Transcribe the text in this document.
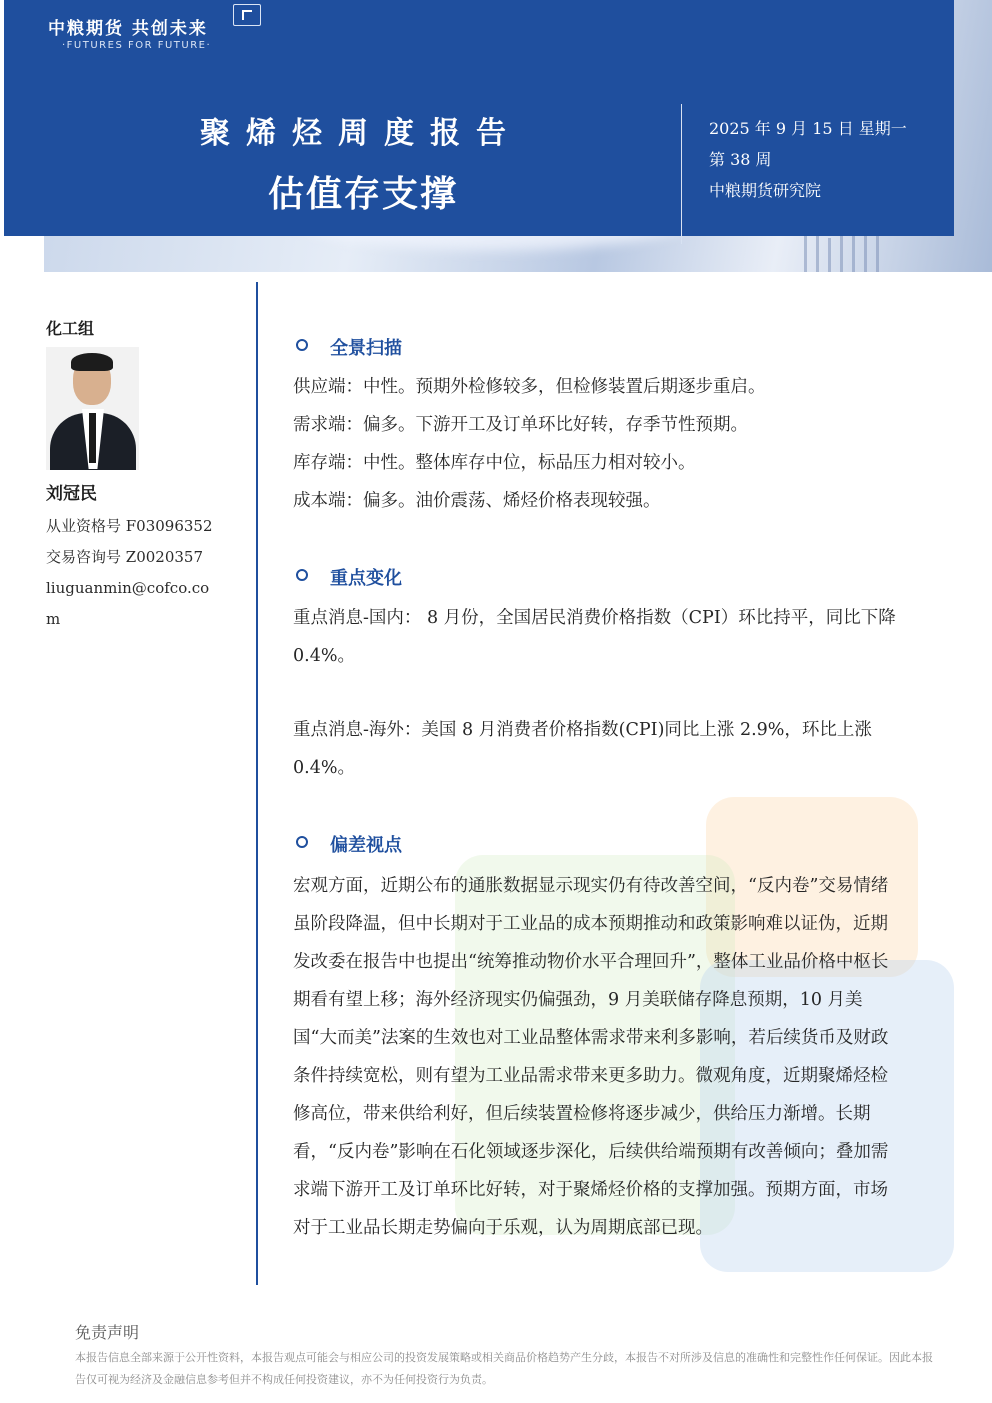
中粮期货 共创未来
·FUTURES FOR FUTURE·
聚烯烃周度报告
估值存支撑
2025 年 9 月 15 日 星期一
第 38 周
中粮期货研究院
化工组
刘冠民
从业资格号 F03096352
交易咨询号 Z0020357
liuguanmin@cofco.co
m
全景扫描
供应端：中性。预期外检修较多，但检修装置后期逐步重启。
需求端：偏多。下游开工及订单环比好转，存季节性预期。
库存端：中性。整体库存中位，标品压力相对较小。
成本端：偏多。油价震荡、烯烃价格表现较强。
重点变化
重点消息-国内： 8 月份，全国居民消费价格指数（CPI）环比持平，同比下降 0.4%。
重点消息-海外：美国 8 月消费者价格指数(CPI)同比上涨 2.9%，环比上涨 0.4%。
偏差视点
宏观方面，近期公布的通胀数据显示现实仍有待改善空间，“反内卷”交易情绪虽阶段降温，但中长期对于工业品的成本预期推动和政策影响难以证伪，近期发改委在报告中也提出“统筹推动物价水平合理回升”，整体工业品价格中枢长期看有望上移；海外经济现实仍偏强劲，9 月美联储存降息预期，10 月美国“大而美”法案的生效也对工业品整体需求带来利多影响，若后续货币及财政条件持续宽松，则有望为工业品需求带来更多助力。微观角度，近期聚烯烃检修高位，带来供给利好，但后续装置检修将逐步减少，供给压力渐增。长期看，“反内卷”影响在石化领域逐步深化，后续供给端预期有改善倾向；叠加需求端下游开工及订单环比好转，对于聚烯烃价格的支撑加强。预期方面，市场对于工业品长期走势偏向于乐观，认为周期底部已现。
免责声明
本报告信息全部来源于公开性资料，本报告观点可能会与相应公司的投资发展策略或相关商品价格趋势产生分歧，本报告不对所涉及信息的准确性和完整性作任何保证。因此本报告仅可视为经济及金融信息参考但并不构成任何投资建议，亦不为任何投资行为负责。
